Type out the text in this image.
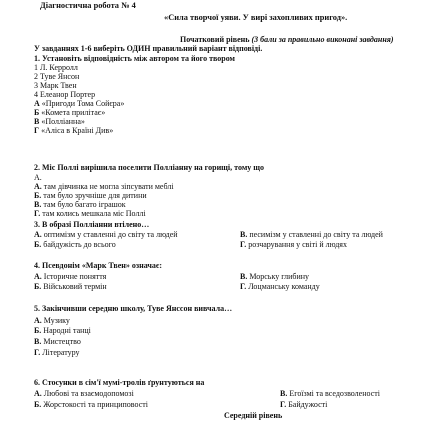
Діагностична робота № 4
«Сила творчої уяви. У вирі захопливих пригод».
Початковий рівень (3 бали за правильно виконані завдання)
У завданнях 1-6 виберіть ОДИН правильний варіант відповіді.
1. Установіть відповідність між автором та його твором
1 Л. Керролл
2 Туве Янсон
3 Марк Твен
4 Елеанор Портер
А «Пригоди Тома Сойєра»
Б «Комета прилітає»
В «Полліанна»
Г «Аліса в Країні Див»
2. Міс Поллі вирішила поселити Полліанну на горищі, тому що
А.
А. там дівчинка не могла зіпсувати меблі
Б. там було зручніше для дитини
В. там було багато іграшок
Г. там колись мешкала міс Поллі
3. В образі Полліанни втілено…
А. оптимізм у ставленні до світу та людей	В. песимізм у ставленні до світу та людей
Б. байдужість до всього	Г. розчарування у світі й людях
4. Псевдонім «Марк Твен» означає:
А. Історичне поняття	В. Морську глибину
Б. Військовий термін	Г. Лоцманську команду
5. Закінчивши середню школу, Туве Янссон вивчала…
А. Музику
Б. Народні танці
В. Мистецтво
Г. Літературу
6. Стосунки в сім'ї мумі-тролів ґрунтуються на
А. Любові та взаємодопомозі	В. Егоїзмі та вседозволеності
Б. Жорстокості та принциповості	Г. Байдужості
Середній рівень
